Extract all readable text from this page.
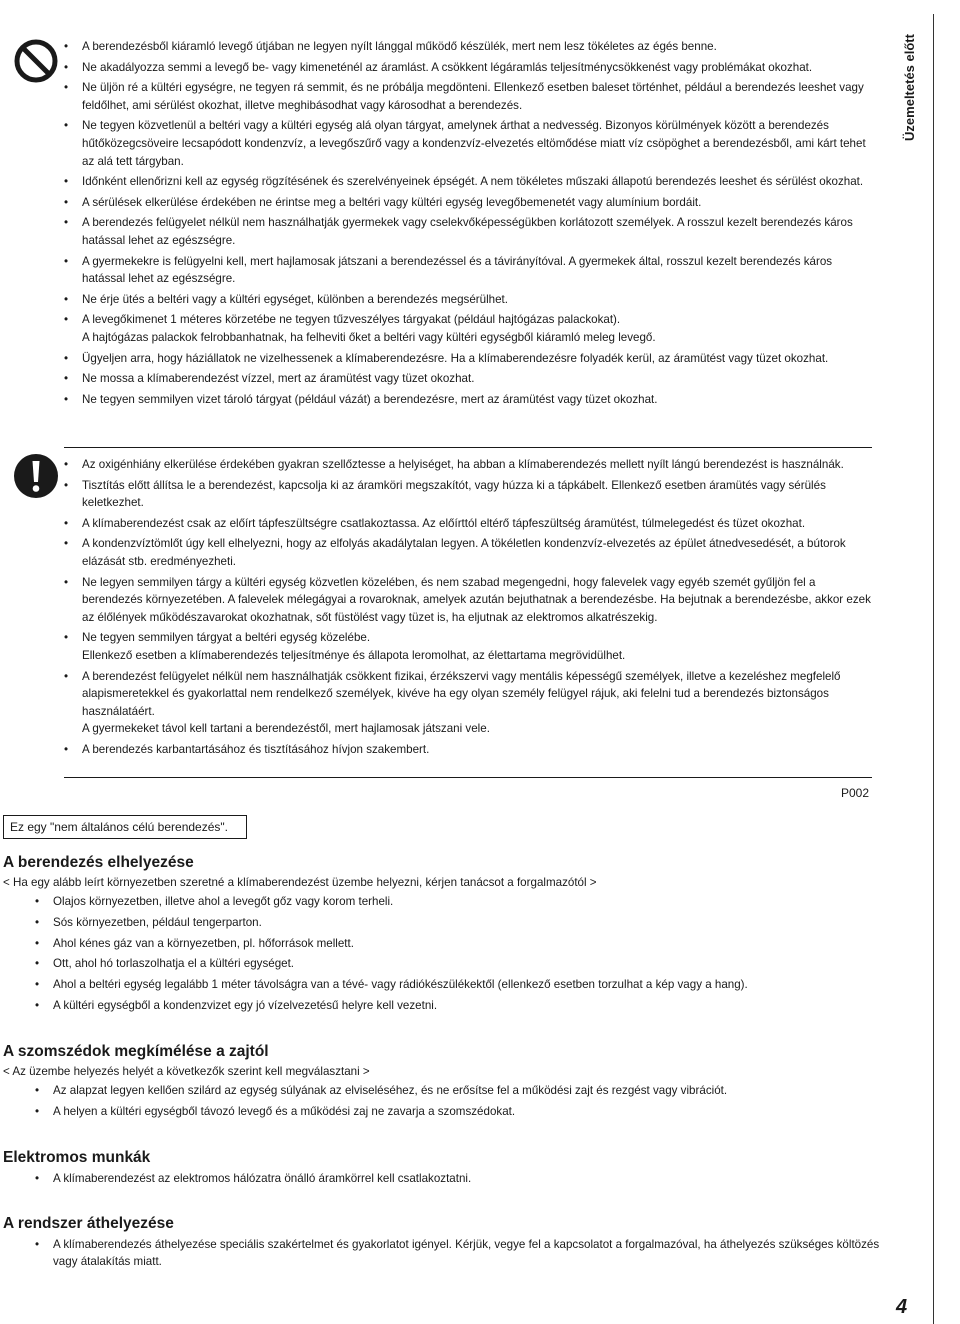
• A berendezésből kiáramló levegő útjában ne legyen nyílt lánggal működő készülék, mert nem lesz tökéletes az égés benne.
• Ne akadályozza semmi a levegő be- vagy kimeneténél az áramlást. A csökkent légáramlás teljesítménycsökkenést vagy problémákat okozhat.
• Ne üljön ré a kültéri egységre, ne tegyen rá semmit, és ne próbálja megdönteni. Ellenkező esetben baleset történhet, például a berendezés leeshet vagy feldőlhet, ami sérülést okozhat, illetve meghibásodhat vagy károsodhat a berendezés.
• Ne tegyen közvetlenül a beltéri vagy a kültéri egység alá olyan tárgyat, amelynek árthat a nedvesség. Bizonyos körülmények között a berendezés hűtőközegcsöveire lecsapódott kondenzvíz, a levegőszűrő vagy a kondenzvíz-elvezetés eltömődése miatt víz csöpöghet a berendezésből, ami kárt tehet az alá tett tárgyban.
• Időnként ellenőrizni kell az egység rögzítésének és szerelvényeinek épségét. A nem tökéletes műszaki állapotú berendezés leeshet és sérülést okozhat.
• A sérülések elkerülése érdekében ne érintse meg a beltéri vagy kültéri egység levegőbemenetét vagy alumínium bordáit.
• A berendezés felügyelet nélkül nem használhatják gyermekek vagy cselekvőképességükben korlátozott személyek. A rosszul kezelt berendezés káros hatással lehet az egészségre.
• A gyermekekre is felügyelni kell, mert hajlamosak játszani a berendezéssel és a távirányítóval. A gyermekek által, rosszul kezelt berendezés káros hatással lehet az egészségre.
• Ne érje ütés a beltéri vagy a kültéri egységet, különben a berendezés megsérülhet.
• A levegőkimenet 1 méteres körzetébe ne tegyen tűzveszélyes tárgyakat (például hajtógázas palackokat).
A hajtógázas palackok felrobbanhatnak, ha felheviti őket a beltéri vagy kültéri egységből kiáramló meleg levegő.
• Ügyeljen arra, hogy háziállatok ne vizelhessenek a klímaberendezésre. Ha a klímaberendezésre folyadék kerül, az áramütést vagy tüzet okozhat.
• Ne mossa a klímaberendezést vízzel, mert az áramütést vagy tüzet okozhat.
• Ne tegyen semmilyen vizet tároló tárgyat (például vázát) a berendezésre, mert az áramütést vagy tüzet okozhat.
• Az oxigénhiány elkerülése érdekében gyakran szellőztesse a helyiséget, ha abban a klímaberendezés mellett nyílt lángú berendezést is használnák.
• Tisztítás előtt állítsa le a berendezést, kapcsolja ki az áramköri megszakítót, vagy húzza ki a tápkábelt. Ellenkező esetben áramütés vagy sérülés keletkezhet.
• A klímaberendezést csak az előírt tápfeszültségre csatlakoztassa. Az előírttól eltérő tápfeszültség áramütést, túlmelegedést és tüzet okozhat.
• A kondenzvíztömlőt úgy kell elhelyezni, hogy az elfolyás akadálytalan legyen. A tökéletlen kondenzvíz-elvezetés az épület átnedvesedését, a bútorok elázását stb. eredményezheti.
• Ne legyen semmilyen tárgy a kültéri egység közvetlen közelében, és nem szabad megengedni, hogy falevelek vagy egyéb szemét gyűljön fel a berendezés környezetében. A falevelek mélegágyai a rovaroknak, amelyek azután bejuthatnak a berendezésbe. Ha bejutnak a berendezésbe, akkor ezek az élőlények működészavarokat okozhatnak, sőt füstölést vagy tüzet is, ha eljutnak az elektromos alkatrészekig.
• Ne tegyen semmilyen tárgyat a beltéri egység közelébe.
Ellenkező esetben a klímaberendezés teljesítménye és állapota leromolhat, az élettartama megrövidülhet.
• A berendezést felügyelet nélkül nem használhatják csökkent fizikai, érzékszervi vagy mentális képességű személyek, illetve a kezeléshez megfelelő alapismeretekkel és gyakorlattal nem rendelkező személyek, kivéve ha egy olyan személy felügyel rájuk, aki felelni tud a berendezés biztonságos használatáért.
A gyermekeket távol kell tartani a berendezéstől, mert hajlamosak játszani vele.
• A berendezés karbantartásához és tisztításához hívjon szakembert.
P002
Üzemeltetés előtt
Ez egy "nem általános célú berendezés".
A berendezés elhelyezése
< Ha egy alább leírt környezetben szeretné a klímaberendezést üzembe helyezni, kérjen tanácsot a forgalmazótól >
• Olajos környezetben, illetve ahol a levegőt gőz vagy korom terheli.
• Sós környezetben, például tengerparton.
• Ahol kénes gáz van a környezetben, pl. hőforrások mellett.
• Ott, ahol hó torlaszolhatja el a kültéri egységet.
• Ahol a beltéri egység legalább 1 méter távolságra van a tévé- vagy rádiókészülékektől (ellenkező esetben torzulhat a kép vagy a hang).
• A kültéri egységből a kondenzvizet egy jó vízelvezetésű helyre kell vezetni.
A szomszédok megkímélése a zajtól
< Az üzembe helyezés helyét a következők szerint kell megválasztani >
• Az alapzat legyen kellően szilárd az egység súlyának az elviseléséhez, és ne erősítse fel a működési zajt és rezgést vagy vibrációt.
• A helyen a kültéri egységből távozó levegő és a működési zaj ne zavarja a szomszédokat.
Elektromos munkák
• A klímaberendezést az elektromos hálózatra önálló áramkörrel kell csatlakoztatni.
A rendszer áthelyezése
• A klímaberendezés áthelyezése speciális szakértelmet és gyakorlatot igényel. Kérjük, vegye fel a kapcsolatot a forgalmazóval, ha áthelyezés szükséges költözés vagy átalakítás miatt.
4
